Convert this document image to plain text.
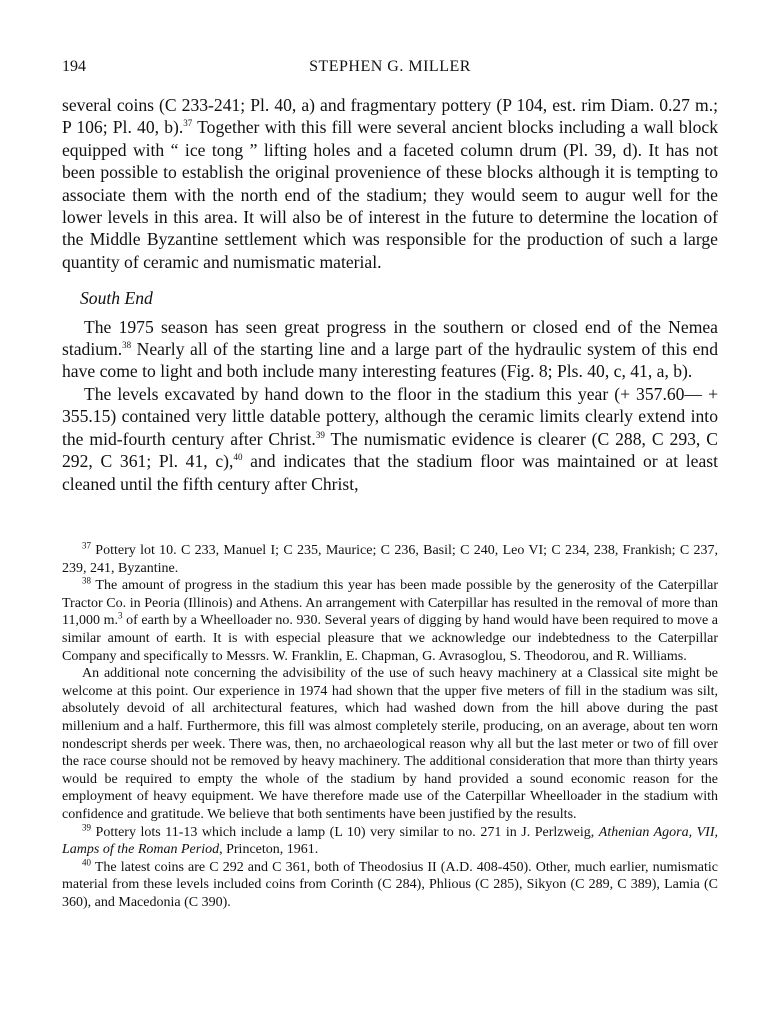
194	STEPHEN G. MILLER

several coins (C 233-241; Pl. 40, a) and fragmentary pottery (P 104, est. rim Diam. 0.27 m.; P 106; Pl. 40, b).$^{37}$ Together with this fill were several ancient blocks including a wall block equipped with “ ice tong ” lifting holes and a faceted column drum (Pl. 39, d). It has not been possible to establish the original provenience of these blocks although it is tempting to associate them with the north end of the stadium; they would seem to augur well for the lower levels in this area. It will also be of interest in the future to determine the location of the Middle Byzantine settlement which was responsible for the production of such a large quantity of ceramic and numismatic material.

South End

The 1975 season has seen great progress in the southern or closed end of the Nemea stadium.$^{38}$ Nearly all of the starting line and a large part of the hydraulic system of this end have come to light and both include many interesting features (Fig. 8; Pls. 40, c, 41, a, b).

The levels excavated by hand down to the floor in the stadium this year (+ 357.60— + 355.15) contained very little datable pottery, although the ceramic limits clearly extend into the mid-fourth century after Christ.$^{39}$ The numismatic evidence is clearer (C 288, C 293, C 292, C 361; Pl. 41, c),$^{40}$ and indicates that the stadium floor was maintained or at least cleaned until the fifth century after Christ,

$^{37}$ Pottery lot 10. C 233, Manuel I; C 235, Maurice; C 236, Basil; C 240, Leo VI; C 234, 238, Frankish; C 237, 239, 241, Byzantine.

$^{38}$ The amount of progress in the stadium this year has been made possible by the generosity of the Caterpillar Tractor Co. in Peoria (Illinois) and Athens. An arrangement with Caterpillar has resulted in the removal of more than 11,000 m.$^3$ of earth by a Wheelloader no. 930. Several years of digging by hand would have been required to move a similar amount of earth. It is with especial pleasure that we acknowledge our indebtedness to the Caterpillar Company and specifically to Messrs. W. Franklin, E. Chapman, G. Avrasoglou, S. Theodorou, and R. Williams.

An additional note concerning the advisibility of the use of such heavy machinery at a Classical site might be welcome at this point. Our experience in 1974 had shown that the upper five meters of fill in the stadium was silt, absolutely devoid of all architectural features, which had washed down from the hill above during the past millenium and a half. Furthermore, this fill was almost completely sterile, producing, on an average, about ten worn nondescript sherds per week. There was, then, no archaeological reason why all but the last meter or two of fill over the race course should not be removed by heavy machinery. The additional consideration that more than thirty years would be required to empty the whole of the stadium by hand provided a sound economic reason for the employment of heavy equipment. We have therefore made use of the Caterpillar Wheelloader in the stadium with confidence and gratitude. We believe that both sentiments have been justified by the results.

$^{39}$ Pottery lots 11-13 which include a lamp (L 10) very similar to no. 271 in J. Perlzweig, Athenian Agora, VII, Lamps of the Roman Period, Princeton, 1961.

$^{40}$ The latest coins are C 292 and C 361, both of Theodosius II (A.D. 408-450). Other, much earlier, numismatic material from these levels included coins from Corinth (C 284), Phlious (C 285), Sikyon (C 289, C 389), Lamia (C 360), and Macedonia (C 390).
